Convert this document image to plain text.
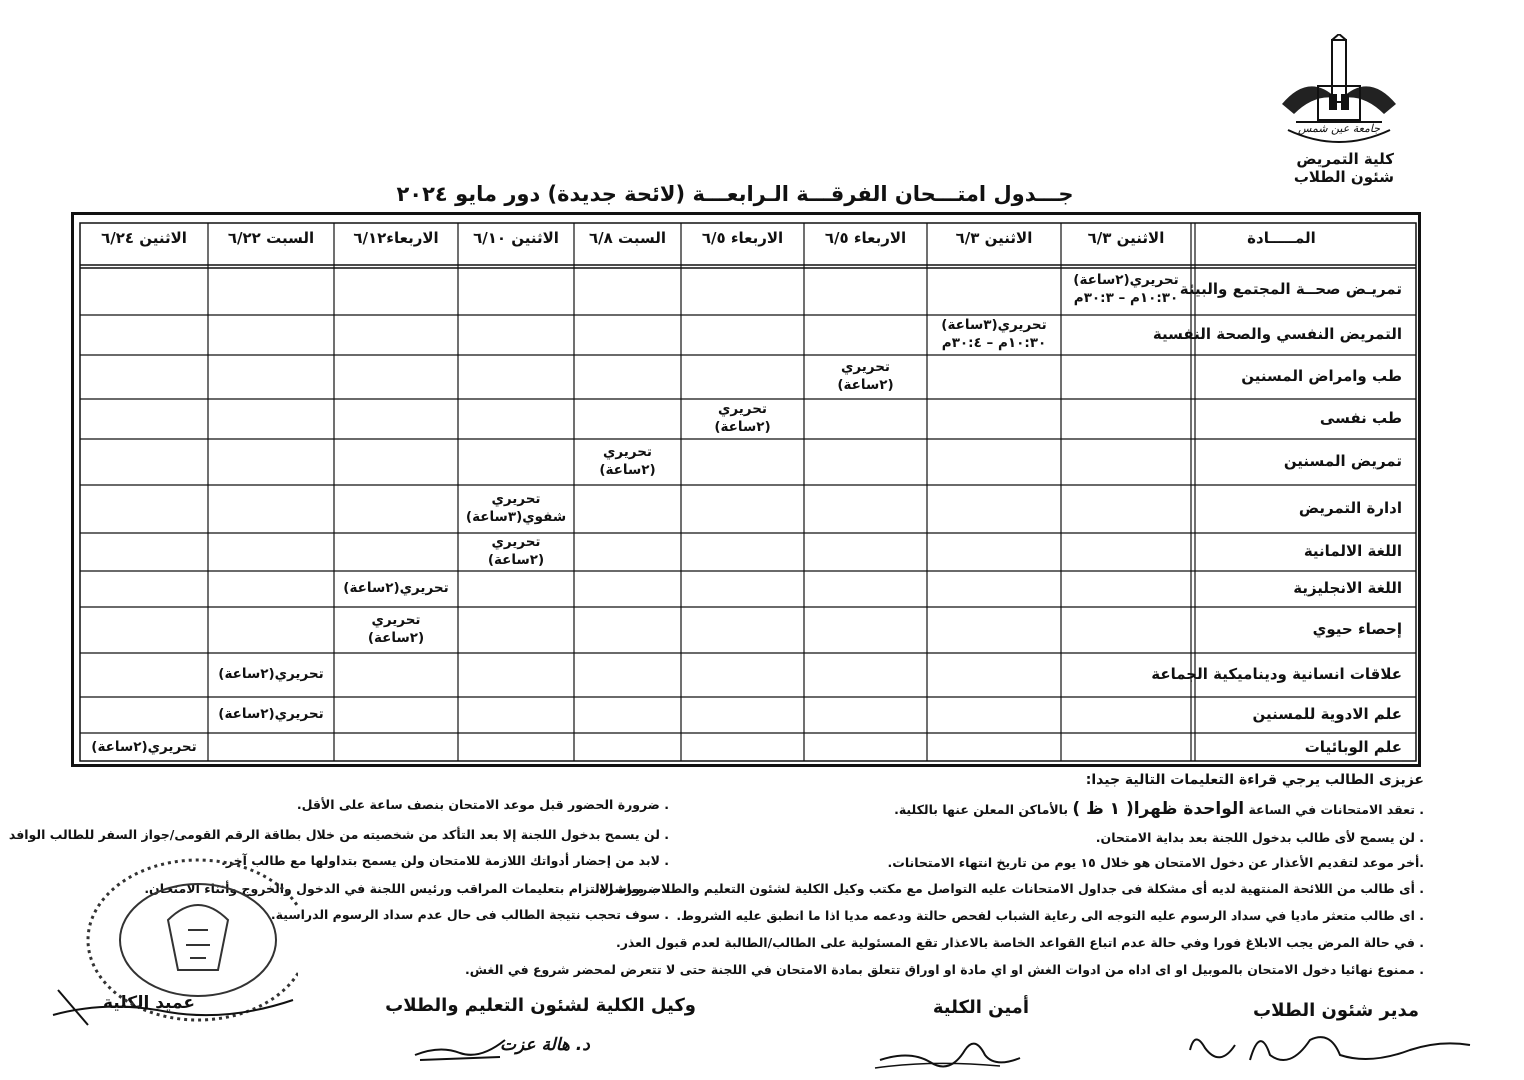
جامعة عين شمس
كلية التمريض
شئون الطلاب
جـــدول امتـــحان الفرقـــة الـرابعـــة (لائحة جديدة) دور مايو ٢٠٢٤
المـــــادة
الاثنين ٦/٣
الاثنين ٦/٣
الاربعاء ٦/٥
الاربعاء ٦/٥
السبت ٦/٨
الاثنين ٦/١٠
الاربعاء٦/١٢
السبت ٦/٢٢
الاثنين ٦/٢٤
تمريـض صحــة المجتمع والبيئة
التمريض النفسي والصحة النفسية
طب وامراض المسنين
طب نفسى
تمريض المسنين
ادارة التمريض
اللغة الالمانية
اللغة الانجليزية
إحصاء حيوي
علاقات انسانية وديناميكية الجماعة
علم الادوية للمسنين
علم الوبائيات
تحريري(٢ساعة)
١٠:٣٠م – ٣٠:٣م
تحريري(٣ساعة)
١٠:٣٠م – ٣٠:٤م
تحريري
(٢ساعة)
تحريري
(٢ساعة)
تحريري
(٢ساعة)
تحريري
شفوي(٣ساعة)
تحريري
(٢ساعة)
تحريري(٢ساعة)
تحريري
(٢ساعة)
تحريري(٢ساعة)
تحريري(٢ساعة)
تحريري(٢ساعة)
عزيزى الطالب يرجي قراءة التعليمات التالية جيدا:
. تعقد الامتحانات في الساعة الواحدة ظهرا( ١ ظ ) بالأماكن المعلن عنها بالكلية.
. لن يسمح لأى طالب بدخول اللجنة بعد بداية الامتحان.
.أخر موعد لتقديم الأعذار عن دخول الامتحان هو خلال ١٥ يوم من تاريخ انتهاء الامتحانات.
. أى طالب من اللائحة المنتهية لديه أى مشكلة فى جداول الامتحانات عليه التواصل مع مكتب وكيل الكلية لشئون التعليم والطلاب مباشرة.
. اى طالب متعثر ماديا في سداد الرسوم عليه التوجه الى رعاية الشباب لفحص حالتة ودعمه مديا اذا ما انطبق عليه الشروط.
. في حالة المرض يجب الابلاغ فورا وفي حالة عدم اتباع القواعد الخاصة بالاعذار تقع المسئولية على الطالب/الطالبة لعدم قبول العذر.
. ممنوع نهائيا دخول الامتحان بالموبيل او اى اداه من ادوات الغش او اي مادة او اوراق تتعلق بمادة الامتحان في اللجنة حتى لا تتعرض لمحضر شروع في الغش.
. ضرورة الحضور قبل موعد الامتحان بنصف ساعة على الأقل.
. لن يسمح بدخول اللجنة إلا بعد التأكد من شخصيته من خلال بطاقة الرقم القومى/جواز السفر للطالب الوافد
. لابد من إحضار أدواتك اللازمة للامتحان ولن يسمح بتداولها مع طالب آخر.
. ضرورة الالتزام بتعليمات المراقب ورئيس اللجنة في الدخول والخروج وأثناء الامتحان.
. سوف تحجب نتيجة الطالب فى حال عدم سداد الرسوم الدراسية.
مدير شئون الطلاب
أمين الكلية
وكيل الكلية لشئون التعليم والطلاب
عميد الكلية
د. هالة عزت
